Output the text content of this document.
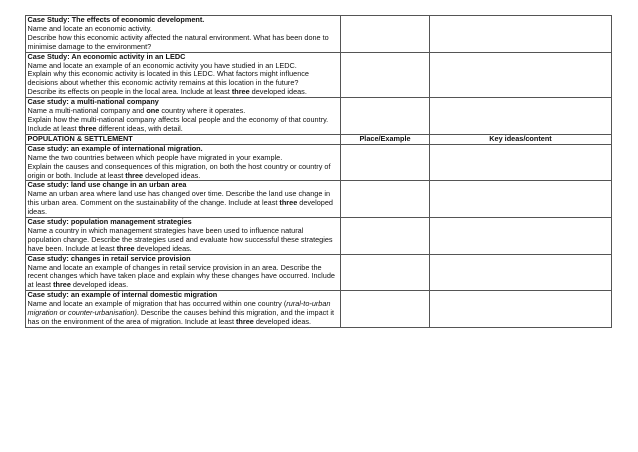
Case Study: The effects of economic development.
Name and locate an economic activity.
Describe how this economic activity affected the natural environment. What has been done to minimise damage to the environment?		

Case Study: An economic activity in an LEDC
Name and locate an example of an economic activity you have studied in an LEDC.
Explain why this economic activity is located in this LEDC. What factors might influence decisions about whether this economic activity remains at this location in the future?
Describe its effects on people in the local area. Include at least three developed ideas.		

Case study: a multi-national company
Name a multi-national company and one country where it operates.
Explain how the multi-national company affects local people and the economy of that country. Include at least three different ideas, with detail.		

POPULATION & SETTLEMENT	Place/Example	Key ideas/content

Case study: an example of international migration.
Name the two countries between which people have migrated in your example.
Explain the causes and consequences of this migration, on both the host country or country of origin or both. Include at least three developed ideas.		

Case study: land use change in an urban area
Name an urban area where land use has changed over time. Describe the land use change in this urban area. Comment on the sustainability of the change. Include at least three developed ideas.		

Case study: population management strategies
Name a country in which management strategies have been used to influence natural population change. Describe the strategies used and evaluate how successful these strategies have been. Include at least three developed ideas.		

Case study: changes in retail service provision
Name and locate an example of changes in retail service provision in an area. Describe the recent changes which have taken place and explain why these changes have occurred. Include at least three developed ideas.		

Case study: an example of internal domestic migration
Name and locate an example of migration that has occurred within one country (rural-to-urban migration or counter-urbanisation). Describe the causes behind this migration, and the impact it has on the environment of the area of migration. Include at least three developed ideas.		
